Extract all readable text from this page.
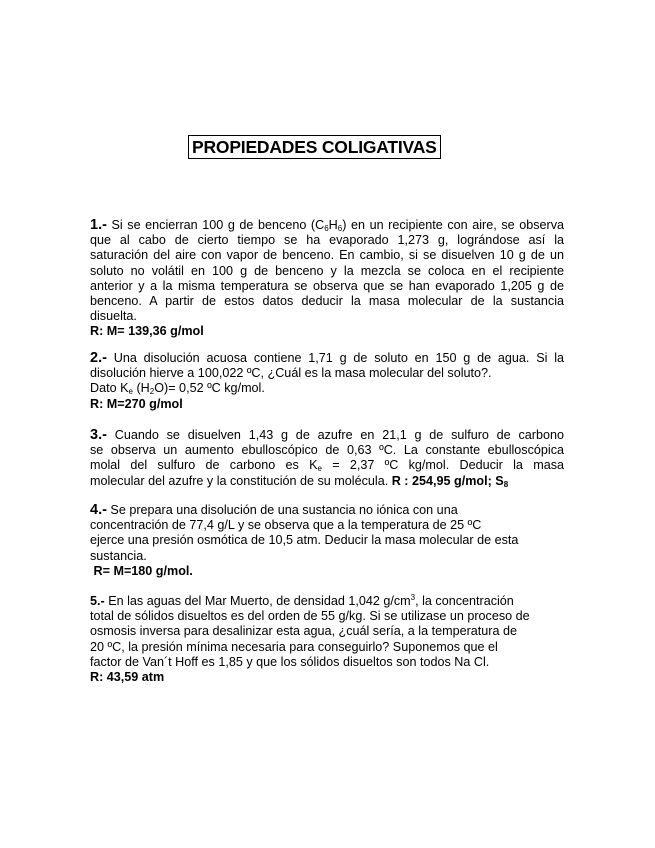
PROPIEDADES COLIGATIVAS
1.- Si se encierran 100 g de benceno $(C_6H_6)$ en un recipiente con aire, se observa
que al cabo de cierto tiempo se ha evaporado 1,273 g, lográndose así la
saturación del aire con vapor de benceno. En cambio, si se disuelven 10 g de un
soluto no volátil en 100 g de benceno y la mezcla se coloca en el recipiente
anterior y a la misma temperatura se observa que se han evaporado 1,205 g de
benceno. A partir de estos datos deducir la masa molecular de la sustancia
disuelta.
R: M= 139,36 g/mol
2.- Una disolución acuosa contiene 1,71 g de soluto en 150 g de agua. Si la
disolución hierve a 100,022 ºC, ¿Cuál es la masa molecular del soluto?.
Dato $K_e$ $(H_2O)= 0,52$ ºC kg/mol.
R: M=270 g/mol
3.- Cuando se disuelven 1,43 g de azufre en 21,1 g de sulfuro de carbono
se observa un aumento ebulloscópico de 0,63 ºC. La constante ebulloscópica
molal del sulfuro de carbono es $K_e = 2,37$ ºC kg/mol. Deducir la masa
molecular del azufre y la constitución de su molécula. R : 254,95 g/mol; $S_8$
4.- Se prepara una disolución de una sustancia no iónica con una
concentración de 77,4 g/L y se observa que a la temperatura de 25 ºC
ejerce una presión osmótica de 10,5 atm. Deducir la masa molecular de esta
sustancia.
R= M=180 g/mol.
5.- En las aguas del Mar Muerto, de densidad 1,042 $g/cm^3$, la concentración
total de sólidos disueltos es del orden de 55 g/kg. Si se utilizase un proceso de
osmosis inversa para desalinizar esta agua, ¿cuál sería, a la temperatura de
20 ºC, la presión mínima necesaria para conseguirlo? Suponemos que el
factor de Van´t Hoff es 1,85 y que los sólidos disueltos son todos Na Cl.
R: 43,59 atm
